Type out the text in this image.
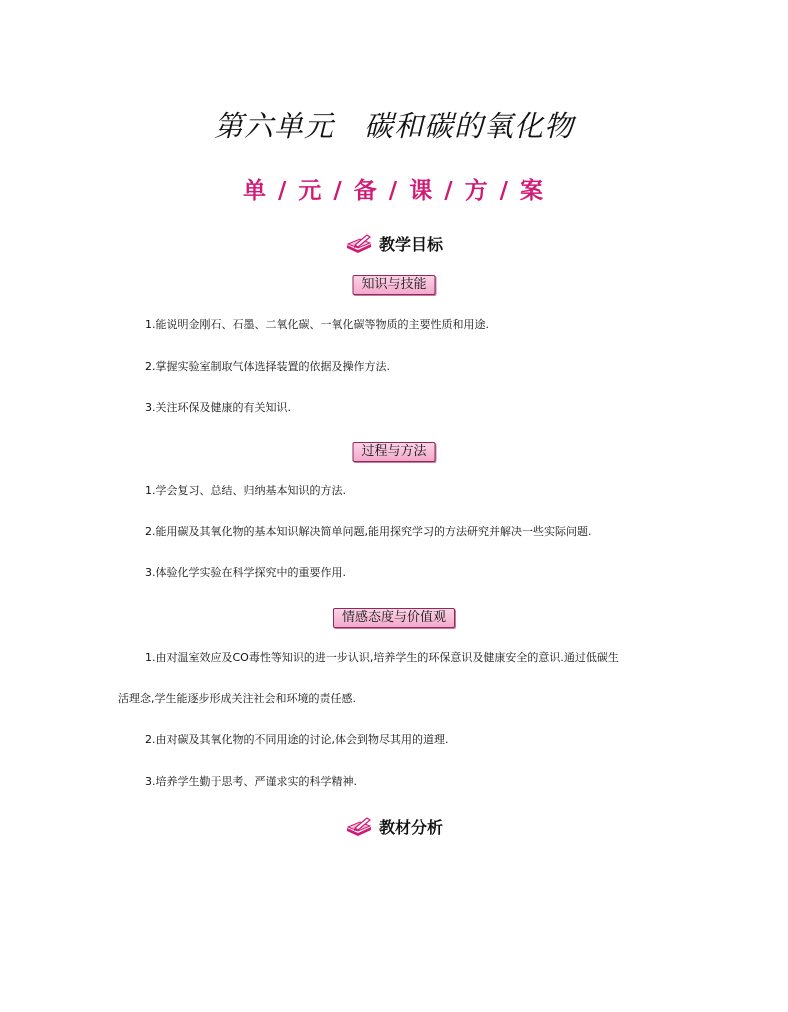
第六单元　碳和碳的氧化物
单 / 元 / 备 / 课 / 方 / 案
教学目标
知识与技能
1.能说明金刚石、石墨、二氧化碳、一氧化碳等物质的主要性质和用途.
2.掌握实验室制取气体选择装置的依据及操作方法.
3.关注环保及健康的有关知识.
过程与方法
1.学会复习、总结、归纳基本知识的方法.
2.能用碳及其氧化物的基本知识解决简单问题,能用探究学习的方法研究并解决一些实际问题.
3.体验化学实验在科学探究中的重要作用.
情感态度与价值观
1.由对温室效应及CO毒性等知识的进一步认识,培养学生的环保意识及健康安全的意识.通过低碳生
活理念,学生能逐步形成关注社会和环境的责任感.
2.由对碳及其氧化物的不同用途的讨论,体会到物尽其用的道理.
3.培养学生勤于思考、严谨求实的科学精神.
教材分析
